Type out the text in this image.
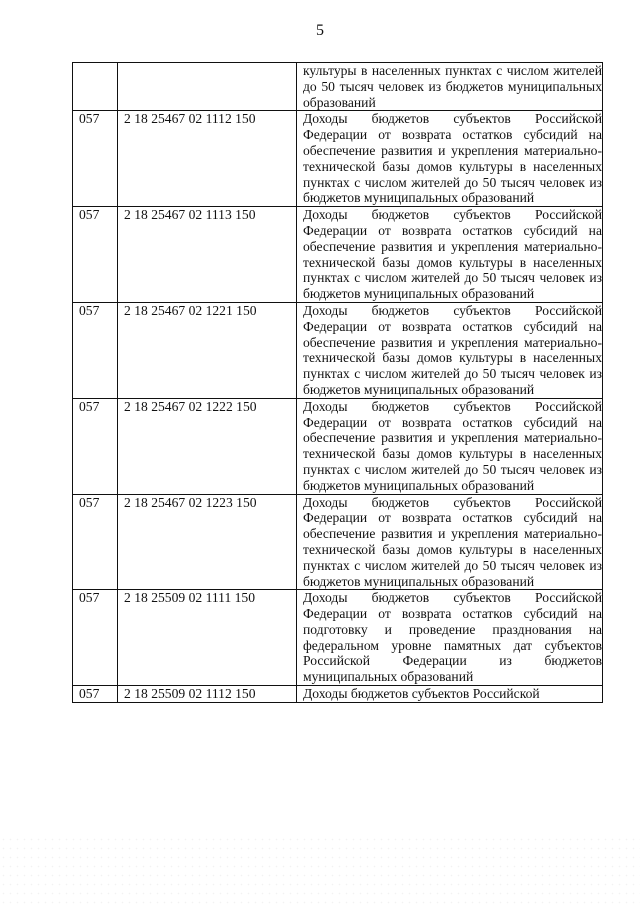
5

		культуры в населенных пунктах с числом жителей до 50 тысяч человек из бюджетов муниципальных образований

057	2 18 25467 02 1112 150	Доходы бюджетов субъектов Российской Федерации от возврата остатков субсидий на обеспечение развития и укрепления материально-технической базы домов культуры в населенных пунктах с числом жителей до 50 тысяч человек из бюджетов муниципальных образований

057	2 18 25467 02 1113 150	Доходы бюджетов субъектов Российской Федерации от возврата остатков субсидий на обеспечение развития и укрепления материально-технической базы домов культуры в населенных пунктах с числом жителей до 50 тысяч человек из бюджетов муниципальных образований

057	2 18 25467 02 1221 150	Доходы бюджетов субъектов Российской Федерации от возврата остатков субсидий на обеспечение развития и укрепления материально-технической базы домов культуры в населенных пунктах с числом жителей до 50 тысяч человек из бюджетов муниципальных образований

057	2 18 25467 02 1222 150	Доходы бюджетов субъектов Российской Федерации от возврата остатков субсидий на обеспечение развития и укрепления материально-технической базы домов культуры в населенных пунктах с числом жителей до 50 тысяч человек из бюджетов муниципальных образований

057	2 18 25467 02 1223 150	Доходы бюджетов субъектов Российской Федерации от возврата остатков субсидий на обеспечение развития и укрепления материально-технической базы домов культуры в населенных пунктах с числом жителей до 50 тысяч человек из бюджетов муниципальных образований

057	2 18 25509 02 1111 150	Доходы бюджетов субъектов Российской Федерации от возврата остатков субсидий на подготовку и проведение празднования на федеральном уровне памятных дат субъектов Российской Федерации из бюджетов муниципальных образований

057	2 18 25509 02 1112 150	Доходы бюджетов субъектов Российской
